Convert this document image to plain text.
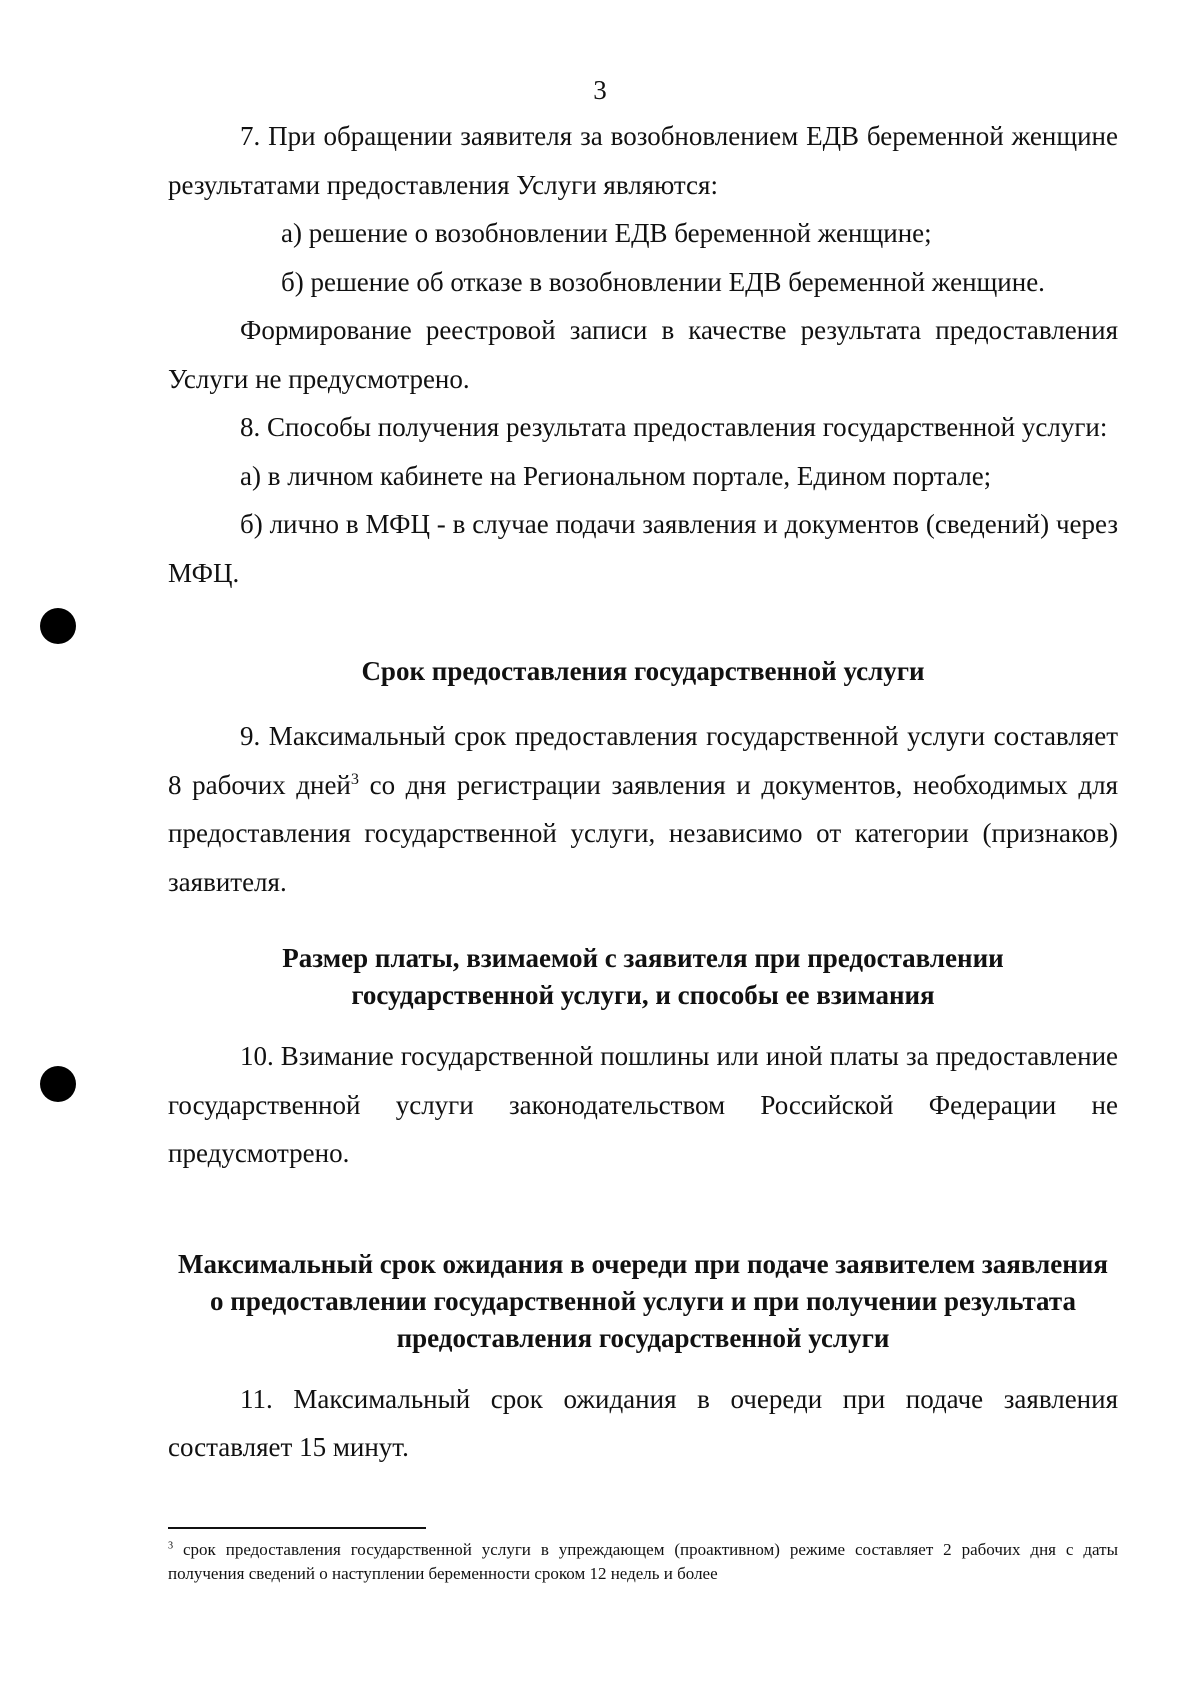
3

7. При обращении заявителя за возобновлением ЕДВ беременной женщине результатами предоставления Услуги являются:

а) решение о возобновлении ЕДВ беременной женщине;

б) решение об отказе в возобновлении ЕДВ беременной женщине.

Формирование реестровой записи в качестве результата предоставления Услуги не предусмотрено.

8. Способы получения результата предоставления государственной услуги:

а) в личном кабинете на Региональном портале, Едином портале;

б) лично в МФЦ - в случае подачи заявления и документов (сведений) через МФЦ.

Срок предоставления государственной услуги

9. Максимальный срок предоставления государственной услуги составляет 8 рабочих дней$^3$ со дня регистрации заявления и документов, необходимых для предоставления государственной услуги, независимо от категории (признаков) заявителя.

Размер платы, взимаемой с заявителя при предоставлении государственной услуги, и способы ее взимания

10. Взимание государственной пошлины или иной платы за предоставление государственной услуги законодательством Российской Федерации не предусмотрено.

Максимальный срок ожидания в очереди при подаче заявителем заявления о предоставлении государственной услуги и при получении результата предоставления государственной услуги

11. Максимальный срок ожидания в очереди при подаче заявления составляет 15 минут.

$^3$ срок предоставления государственной услуги в упреждающем (проактивном) режиме составляет 2 рабочих дня с даты получения сведений о наступлении беременности сроком 12 недель и более
